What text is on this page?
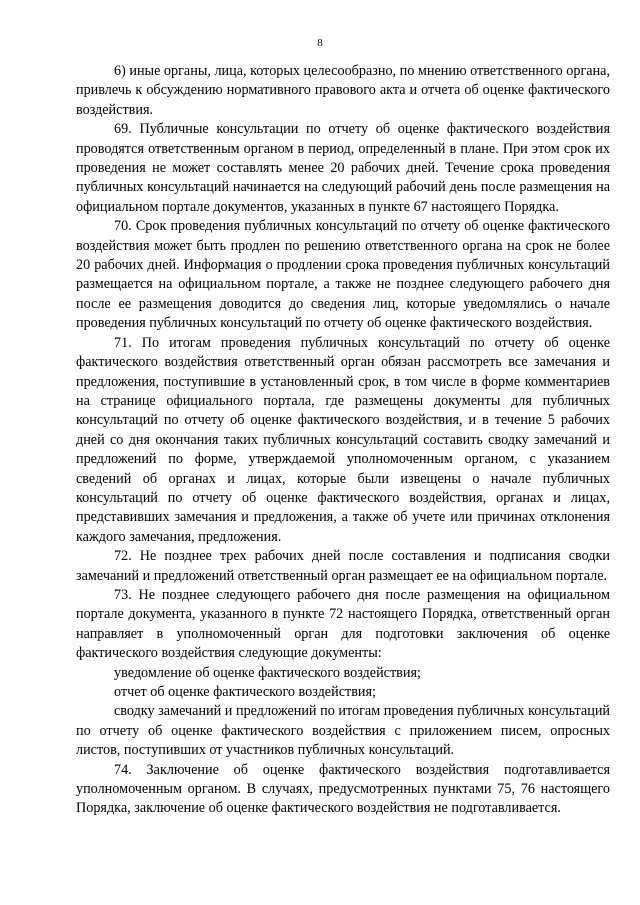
8

6) иные органы, лица, которых целесообразно, по мнению ответственного органа, привлечь к обсуждению нормативного правового акта и отчета об оценке фактического воздействия.

69. Публичные консультации по отчету об оценке фактического воздействия проводятся ответственным органом в период, определенный в плане. При этом срок их проведения не может составлять менее 20 рабочих дней. Течение срока проведения публичных консультаций начинается на следующий рабочий день после размещения на официальном портале документов, указанных в пункте 67 настоящего Порядка.

70. Срок проведения публичных консультаций по отчету об оценке фактического воздействия может быть продлен по решению ответственного органа на срок не более 20 рабочих дней. Информация о продлении срока проведения публичных консультаций размещается на официальном портале, а также не позднее следующего рабочего дня после ее размещения доводится до сведения лиц, которые уведомлялись о начале проведения публичных консультаций по отчету об оценке фактического воздействия.

71. По итогам проведения публичных консультаций по отчету об оценке фактического воздействия ответственный орган обязан рассмотреть все замечания и предложения, поступившие в установленный срок, в том числе в форме комментариев на странице официального портала, где размещены документы для публичных консультаций по отчету об оценке фактического воздействия, и в течение 5 рабочих дней со дня окончания таких публичных консультаций составить сводку замечаний и предложений по форме, утверждаемой уполномоченным органом, с указанием сведений об органах и лицах, которые были извещены о начале публичных консультаций по отчету об оценке фактического воздействия, органах и лицах, представивших замечания и предложения, а также об учете или причинах отклонения каждого замечания, предложения.

72. Не позднее трех рабочих дней после составления и подписания сводки замечаний и предложений ответственный орган размещает ее на официальном портале.

73. Не позднее следующего рабочего дня после размещения на официальном портале документа, указанного в пункте 72 настоящего Порядка, ответственный орган направляет в уполномоченный орган для подготовки заключения об оценке фактического воздействия следующие документы:

уведомление об оценке фактического воздействия;

отчет об оценке фактического воздействия;

сводку замечаний и предложений по итогам проведения публичных консультаций по отчету об оценке фактического воздействия с приложением писем, опросных листов, поступивших от участников публичных консультаций.

74. Заключение об оценке фактического воздействия подготавливается уполномоченным органом. В случаях, предусмотренных пунктами 75, 76 настоящего Порядка, заключение об оценке фактического воздействия не подготавливается.
